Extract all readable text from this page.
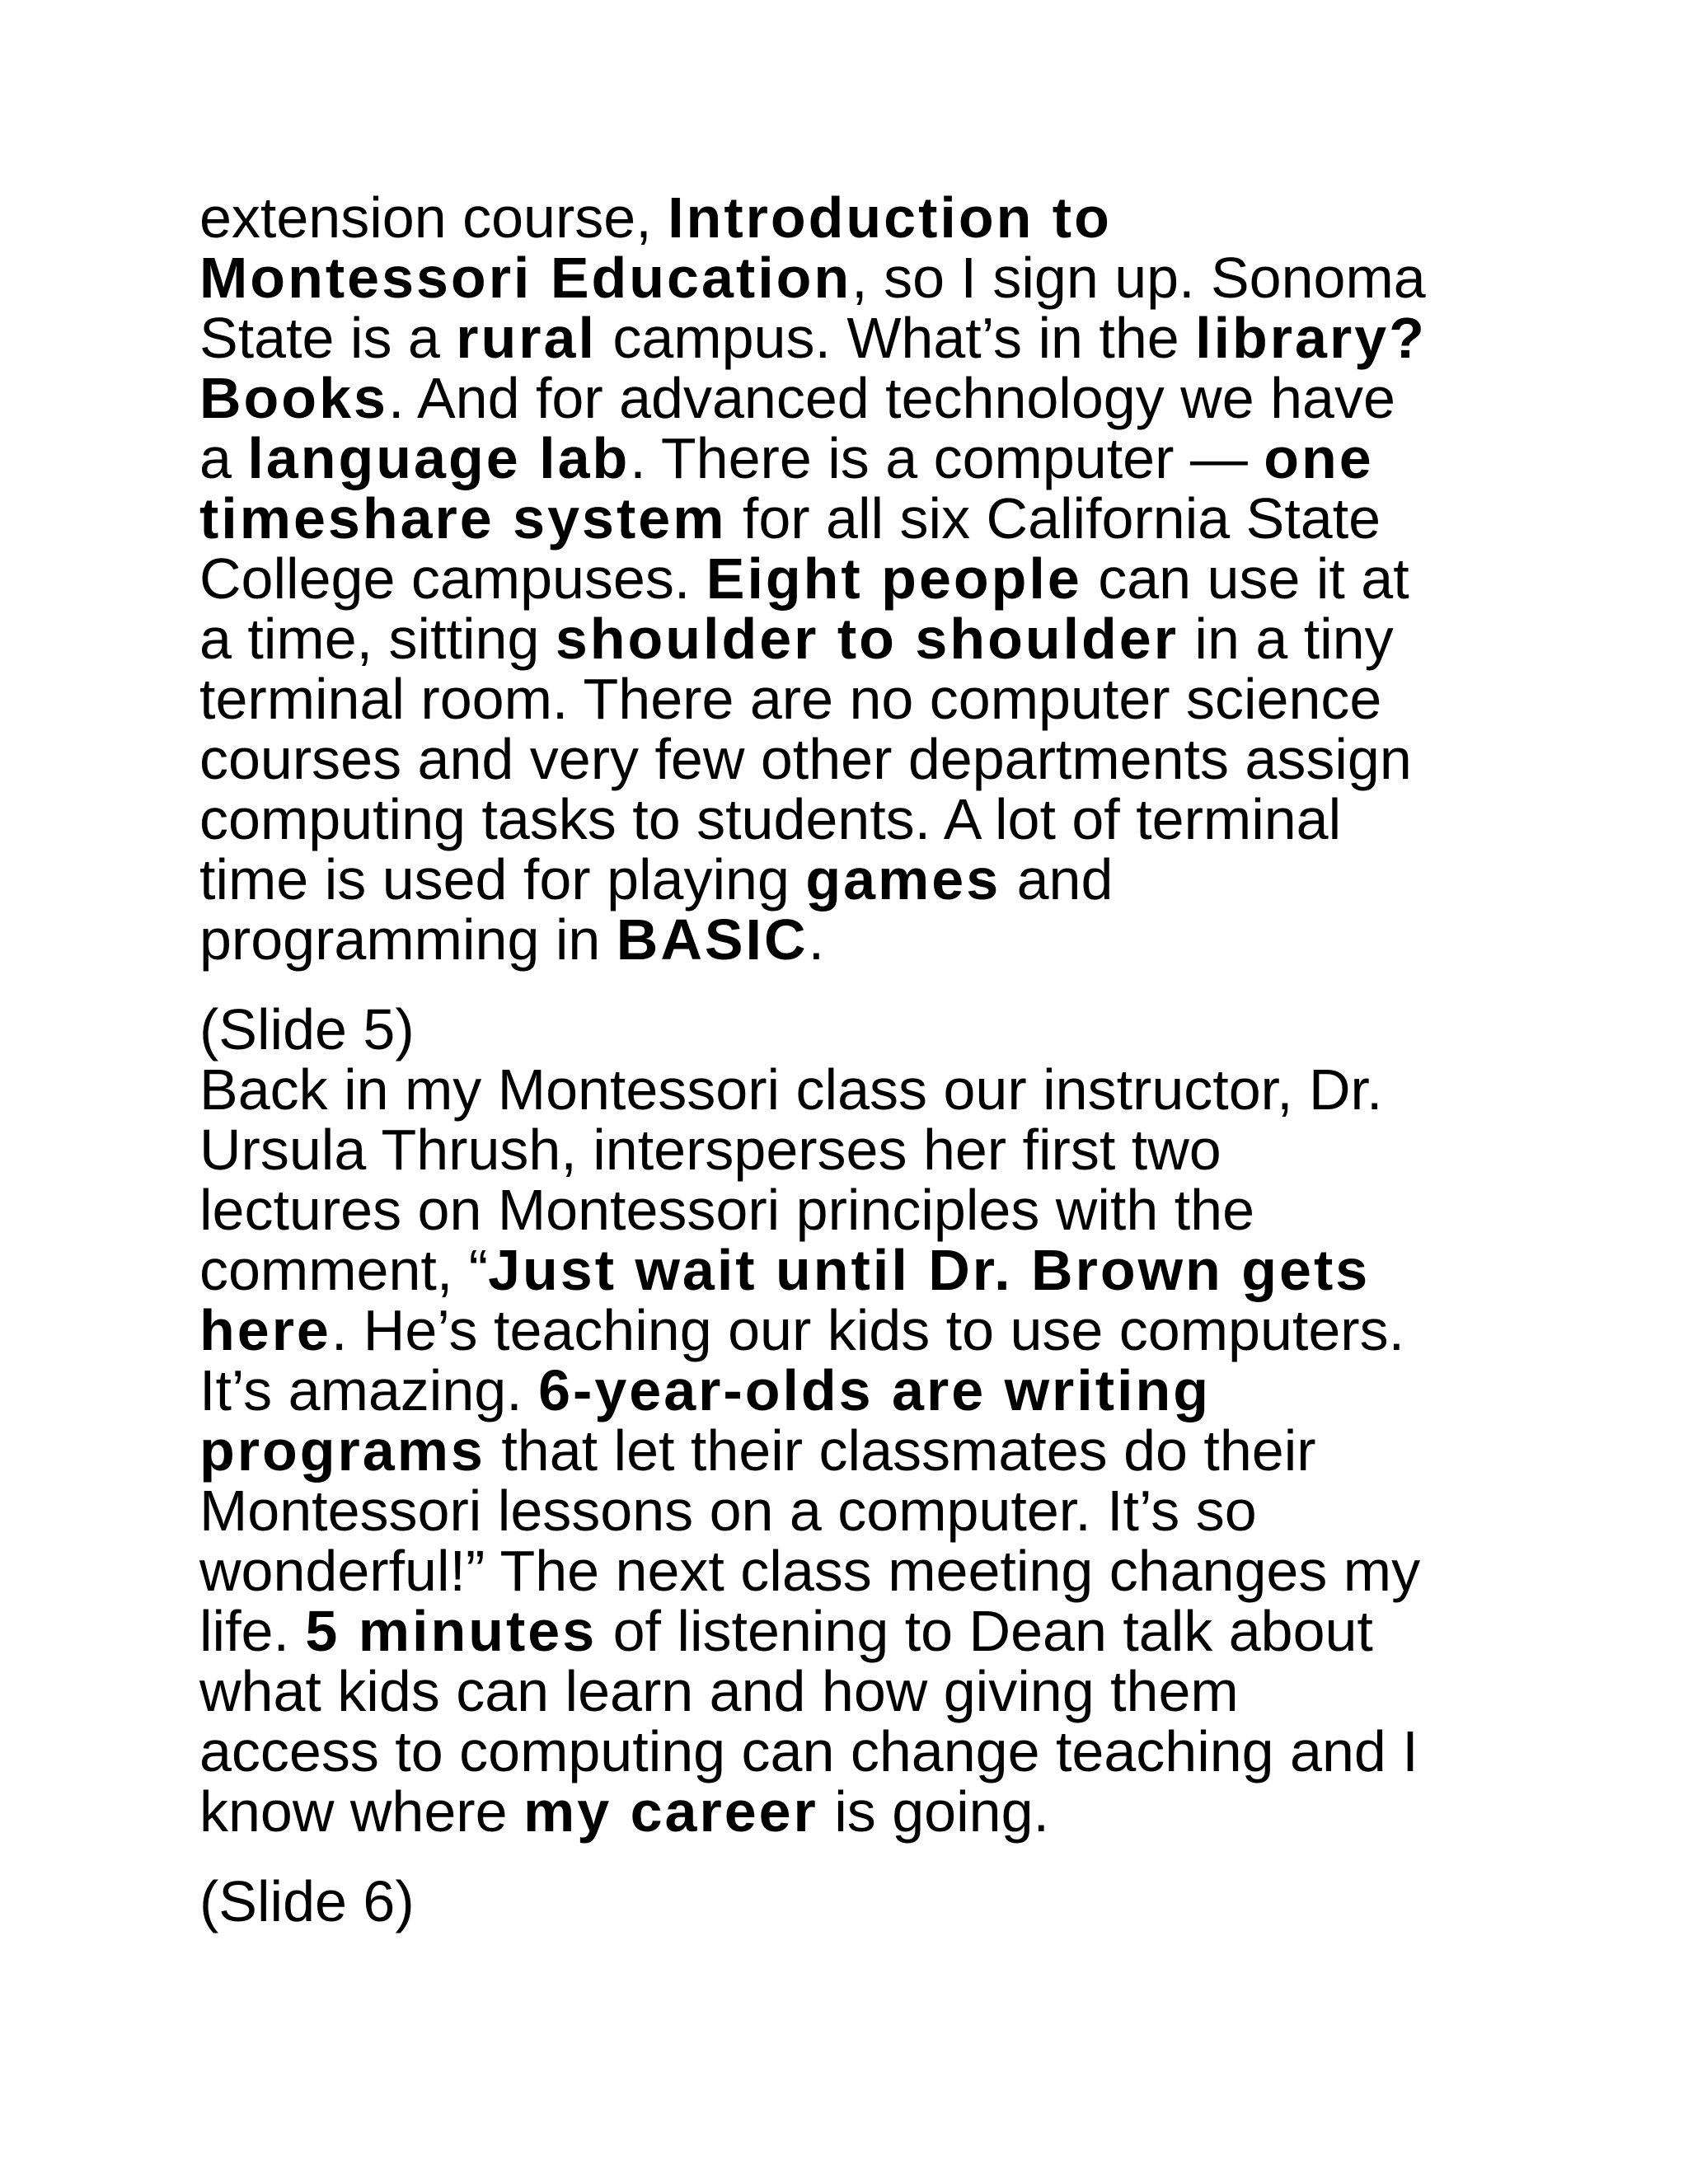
extension course, Introduction to
Montessori Education, so I sign up. Sonoma
State is a rural campus. What’s in the library?
Books. And for advanced technology we have
a language lab. There is a computer — one
timeshare system for all six California State
College campuses. Eight people can use it at
a time, sitting shoulder to shoulder in a tiny
terminal room. There are no computer science
courses and very few other departments assign
computing tasks to students. A lot of terminal
time is used for playing games and
programming in BASIC.
(Slide 5)
Back in my Montessori class our instructor, Dr.
Ursula Thrush, intersperses her first two
lectures on Montessori principles with the
comment, “Just wait until Dr. Brown gets
here. He’s teaching our kids to use computers.
It’s amazing. 6-year-olds are writing
programs that let their classmates do their
Montessori lessons on a computer. It’s so
wonderful!” The next class meeting changes my
life. 5 minutes of listening to Dean talk about
what kids can learn and how giving them
access to computing can change teaching and I
know where my career is going.
(Slide 6)
